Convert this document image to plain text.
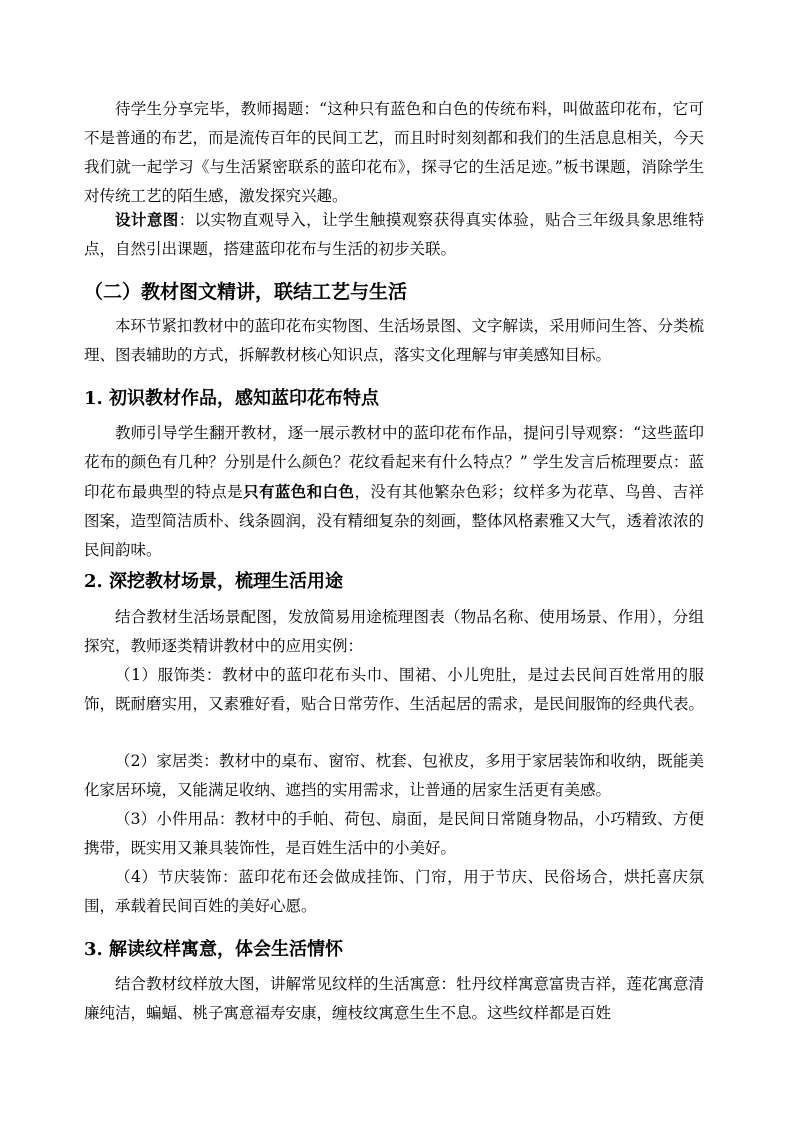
待学生分享完毕，教师揭题：“这种只有蓝色和白色的传统布料，叫做蓝印花布，它可不是普通的布艺，而是流传百年的民间工艺，而且时时刻刻都和我们的生活息息相关，今天我们就一起学习《与生活紧密联系的蓝印花布》，探寻它的生活足迹。”板书课题，消除学生对传统工艺的陌生感，激发探究兴趣。

设计意图：以实物直观导入，让学生触摸观察获得真实体验，贴合三年级具象思维特点，自然引出课题，搭建蓝印花布与生活的初步关联。

（二）教材图文精讲，联结工艺与生活

本环节紧扣教材中的蓝印花布实物图、生活场景图、文字解读，采用师问生答、分类梳理、图表辅助的方式，拆解教材核心知识点，落实文化理解与审美感知目标。

1. 初识教材作品，感知蓝印花布特点

教师引导学生翻开教材，逐一展示教材中的蓝印花布作品，提问引导观察：“这些蓝印花布的颜色有几种？分别是什么颜色？花纹看起来有什么特点？” 学生发言后梳理要点：蓝印花布最典型的特点是只有蓝色和白色，没有其他繁杂色彩；纹样多为花草、鸟兽、吉祥图案，造型简洁质朴、线条圆润，没有精细复杂的刻画，整体风格素雅又大气，透着浓浓的民间韵味。

2. 深挖教材场景，梳理生活用途

结合教材生活场景配图，发放简易用途梳理图表（物品名称、使用场景、作用），分组探究，教师逐类精讲教材中的应用实例：

（1）服饰类：教材中的蓝印花布头巾、围裙、小儿兜肚，是过去民间百姓常用的服饰，既耐磨实用，又素雅好看，贴合日常劳作、生活起居的需求，是民间服饰的经典代表。

（2）家居类：教材中的桌布、窗帘、枕套、包袱皮，多用于家居装饰和收纳，既能美化家居环境，又能满足收纳、遮挡的实用需求，让普通的居家生活更有美感。

（3）小件用品：教材中的手帕、荷包、扇面，是民间日常随身物品，小巧精致、方便携带，既实用又兼具装饰性，是百姓生活中的小美好。

（4）节庆装饰：蓝印花布还会做成挂饰、门帘，用于节庆、民俗场合，烘托喜庆氛围，承载着民间百姓的美好心愿。

3. 解读纹样寓意，体会生活情怀

结合教材纹样放大图，讲解常见纹样的生活寓意：牡丹纹样寓意富贵吉祥，莲花寓意清廉纯洁，蝙蝠、桃子寓意福寿安康，缠枝纹寓意生生不息。这些纹样都是百姓
